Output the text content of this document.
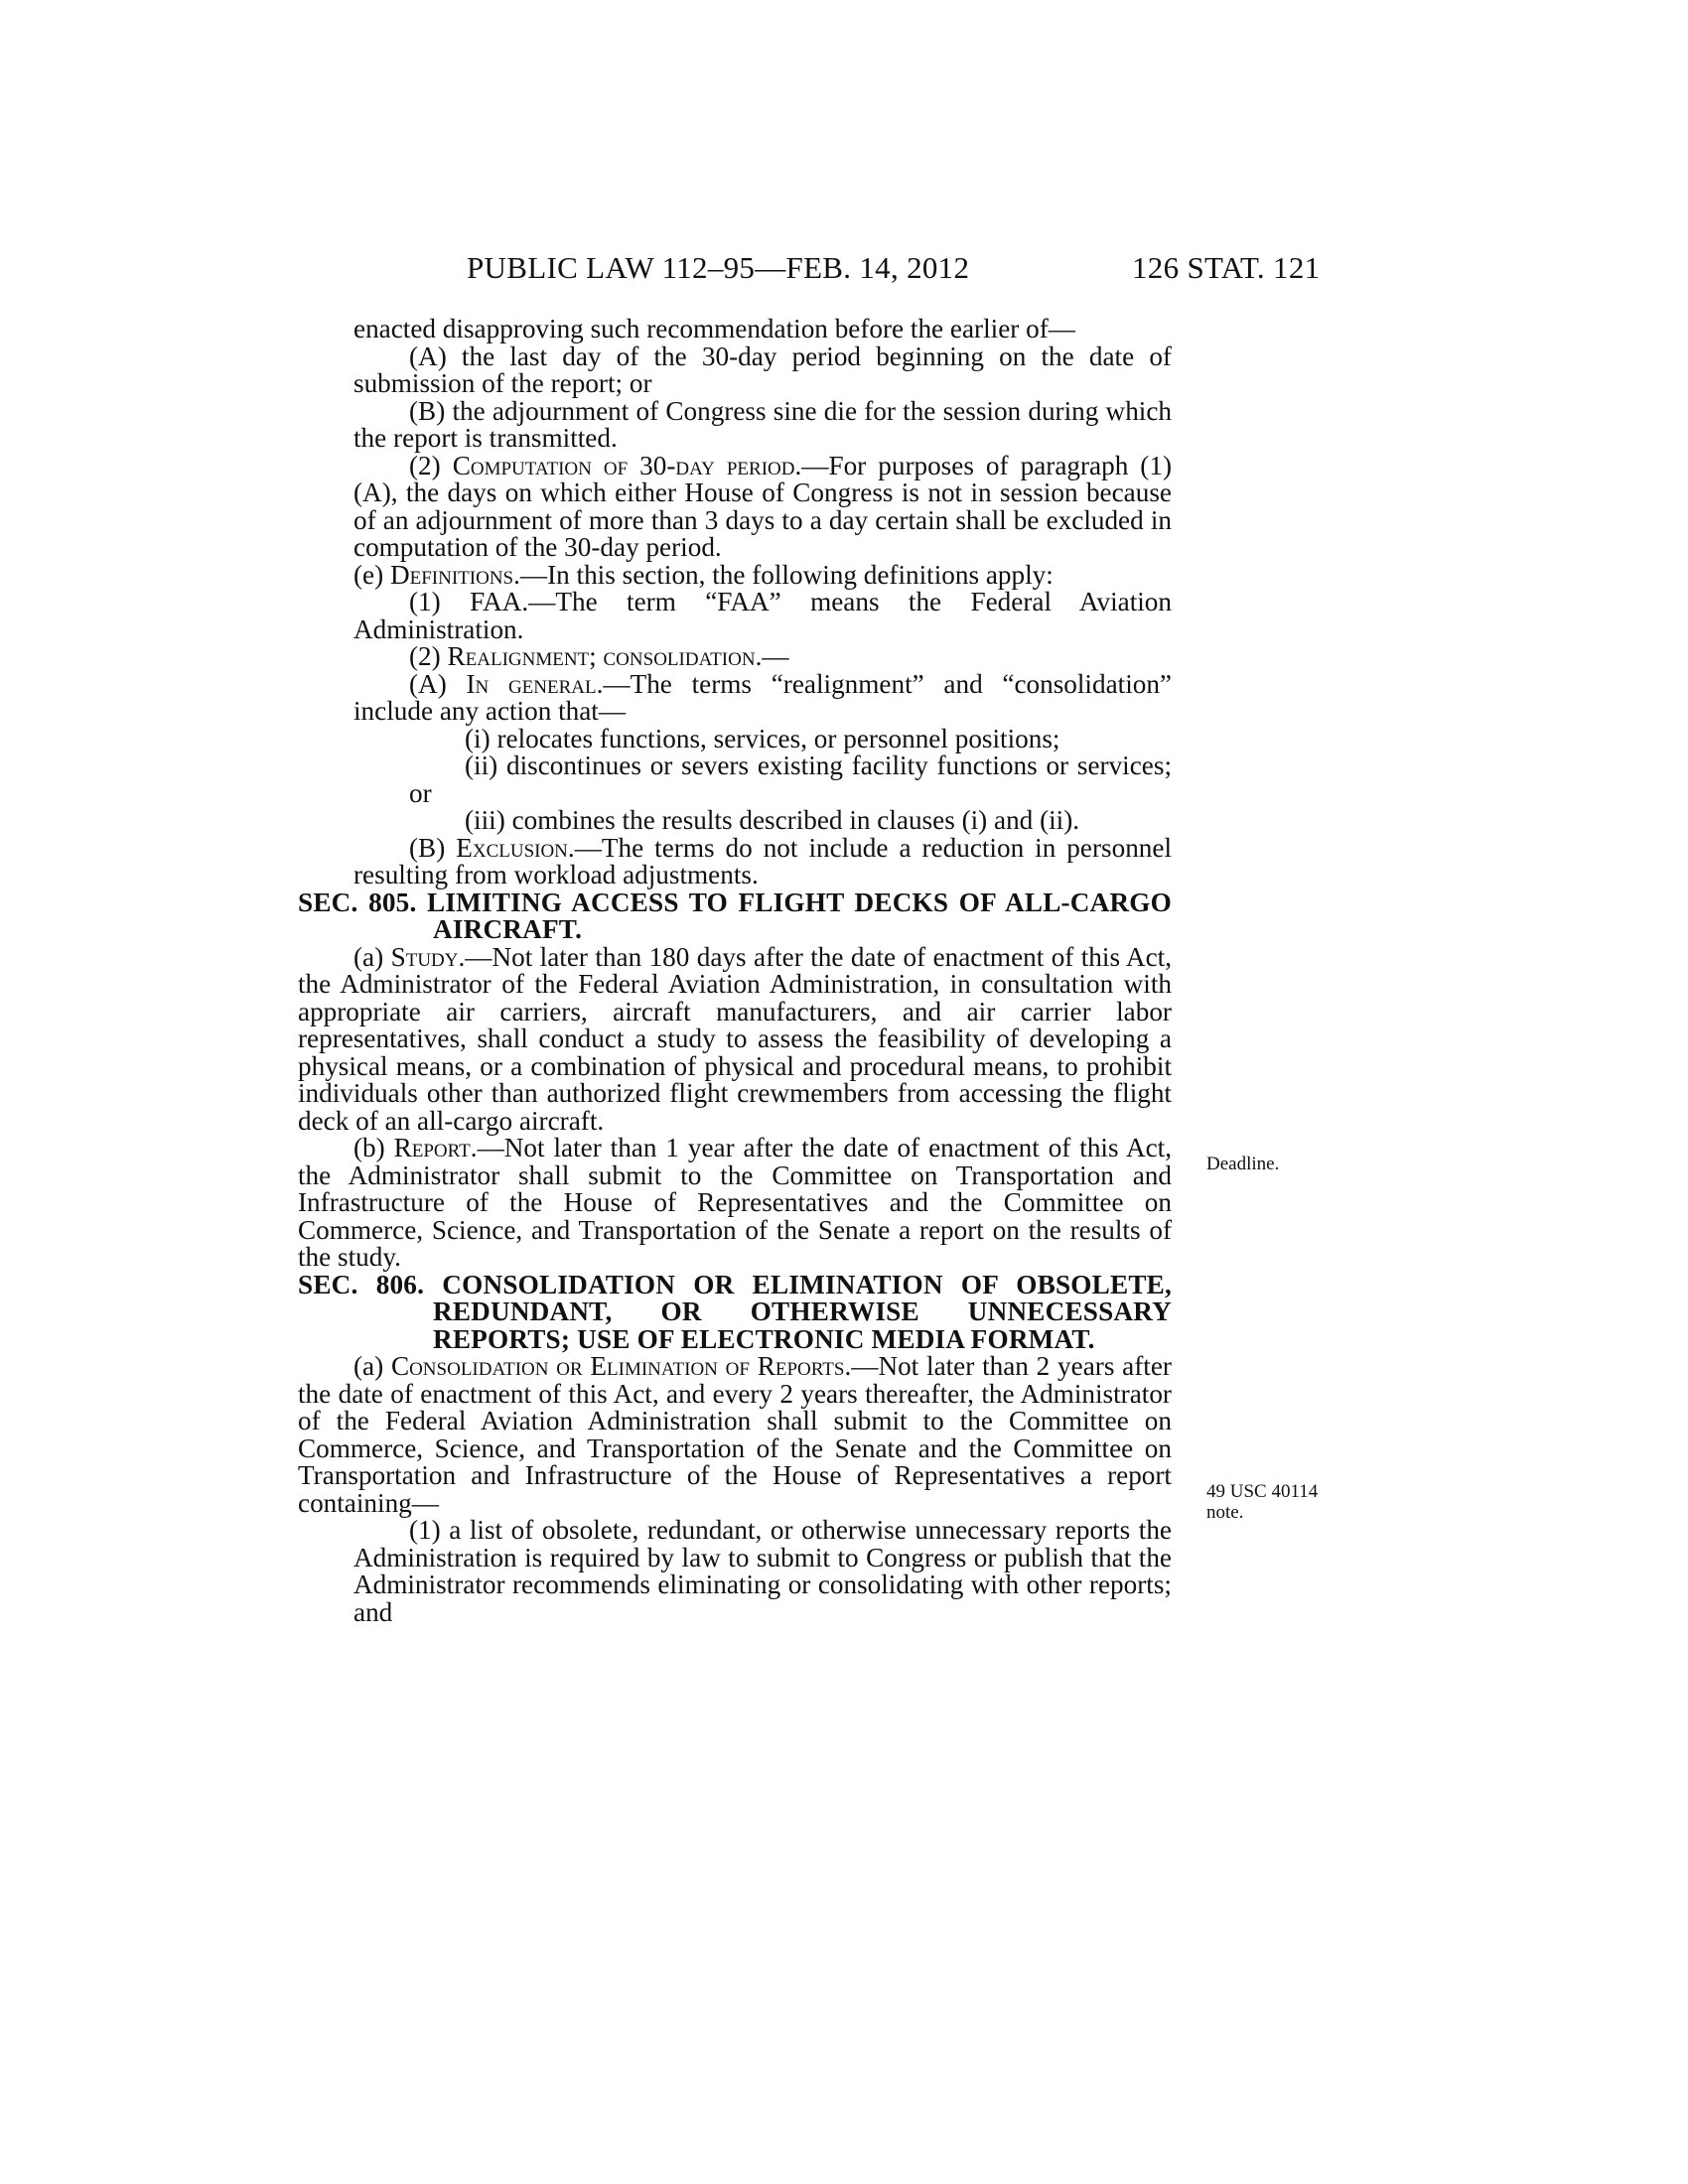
PUBLIC LAW 112–95—FEB. 14, 2012	126 STAT. 121

enacted disapproving such recommendation before the earlier of—

(A) the last day of the 30-day period beginning on the date of submission of the report; or

(B) the adjournment of Congress sine die for the session during which the report is transmitted.

(2) Computation of 30-day period.—For purposes of paragraph (1)(A), the days on which either House of Congress is not in session because of an adjournment of more than 3 days to a day certain shall be excluded in computation of the 30-day period.

(e) Definitions.—In this section, the following definitions apply:

(1) FAA.—The term “FAA” means the Federal Aviation Administration.

(2) Realignment; consolidation.—

(A) In general.—The terms “realignment” and “consolidation” include any action that—

(i) relocates functions, services, or personnel positions;

(ii) discontinues or severs existing facility functions or services; or

(iii) combines the results described in clauses (i) and (ii).

(B) Exclusion.—The terms do not include a reduction in personnel resulting from workload adjustments.

SEC. 805. LIMITING ACCESS TO FLIGHT DECKS OF ALL-CARGO AIRCRAFT.

(a) Study.—Not later than 180 days after the date of enactment of this Act, the Administrator of the Federal Aviation Administration, in consultation with appropriate air carriers, aircraft manufacturers, and air carrier labor representatives, shall conduct a study to assess the feasibility of developing a physical means, or a combination of physical and procedural means, to prohibit individuals other than authorized flight crewmembers from accessing the flight deck of an all-cargo aircraft.

(b) Report.—Not later than 1 year after the date of enactment of this Act, the Administrator shall submit to the Committee on Transportation and Infrastructure of the House of Representatives and the Committee on Commerce, Science, and Transportation of the Senate a report on the results of the study.

SEC. 806. CONSOLIDATION OR ELIMINATION OF OBSOLETE, REDUNDANT, OR OTHERWISE UNNECESSARY REPORTS; USE OF ELECTRONIC MEDIA FORMAT.

(a) Consolidation or Elimination of Reports.—Not later than 2 years after the date of enactment of this Act, and every 2 years thereafter, the Administrator of the Federal Aviation Administration shall submit to the Committee on Commerce, Science, and Transportation of the Senate and the Committee on Transportation and Infrastructure of the House of Representatives a report containing—

(1) a list of obsolete, redundant, or otherwise unnecessary reports the Administration is required by law to submit to Congress or publish that the Administrator recommends eliminating or consolidating with other reports; and

Deadline.
49 USC 40114
note.
